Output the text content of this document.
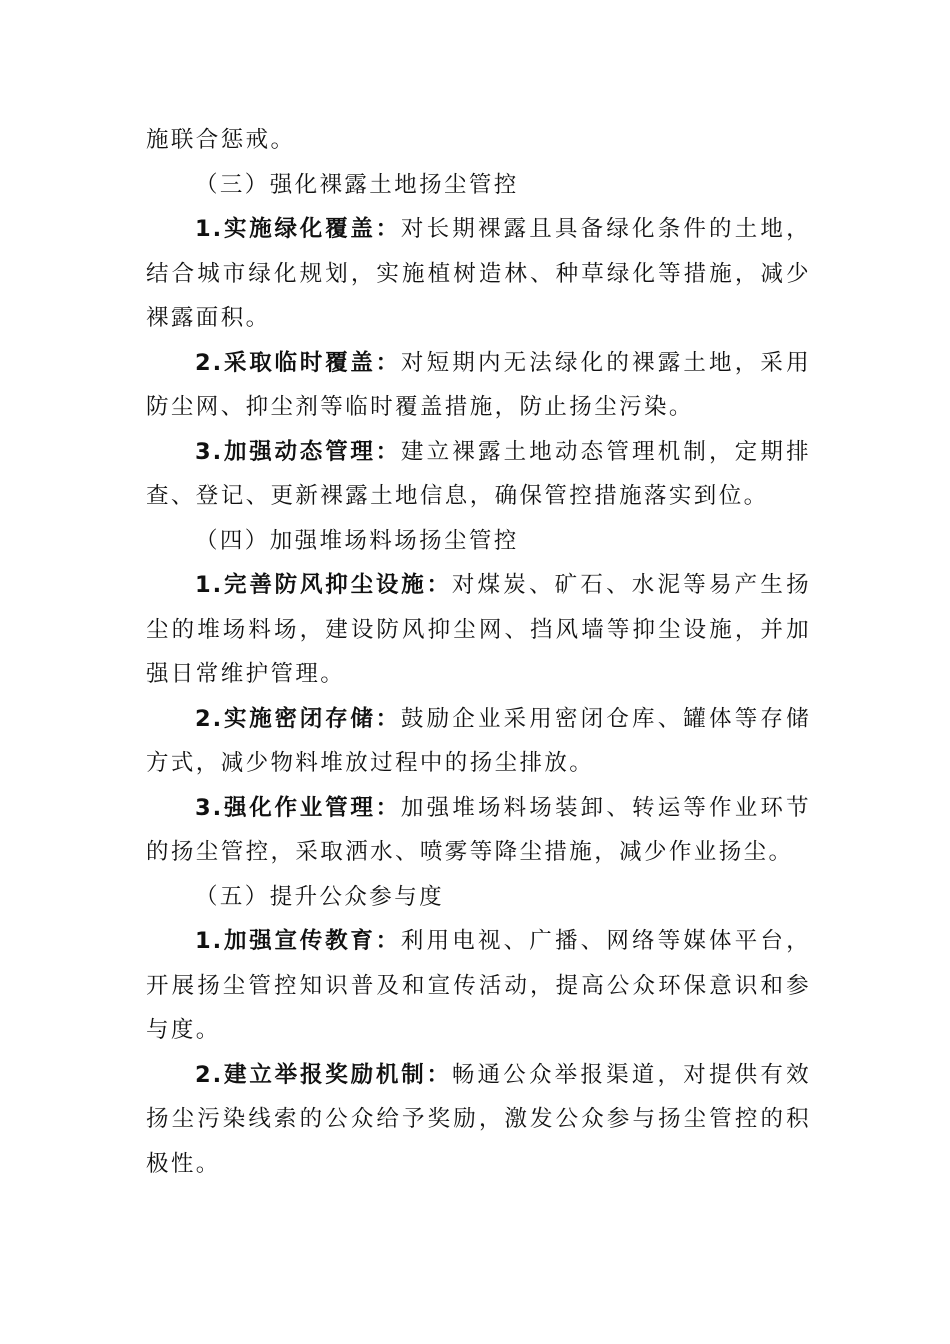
施联合惩戒。

（三）强化裸露土地扬尘管控

1.实施绿化覆盖：对长期裸露且具备绿化条件的土地，结合城市绿化规划，实施植树造林、种草绿化等措施，减少裸露面积。

2.采取临时覆盖：对短期内无法绿化的裸露土地，采用防尘网、抑尘剂等临时覆盖措施，防止扬尘污染。

3.加强动态管理：建立裸露土地动态管理机制，定期排查、登记、更新裸露土地信息，确保管控措施落实到位。

（四）加强堆场料场扬尘管控

1.完善防风抑尘设施：对煤炭、矿石、水泥等易产生扬尘的堆场料场，建设防风抑尘网、挡风墙等抑尘设施，并加强日常维护管理。

2.实施密闭存储：鼓励企业采用密闭仓库、罐体等存储方式，减少物料堆放过程中的扬尘排放。

3.强化作业管理：加强堆场料场装卸、转运等作业环节的扬尘管控，采取洒水、喷雾等降尘措施，减少作业扬尘。

（五）提升公众参与度

1.加强宣传教育：利用电视、广播、网络等媒体平台，开展扬尘管控知识普及和宣传活动，提高公众环保意识和参与度。

2.建立举报奖励机制：畅通公众举报渠道，对提供有效扬尘污染线索的公众给予奖励，激发公众参与扬尘管控的积极性。
